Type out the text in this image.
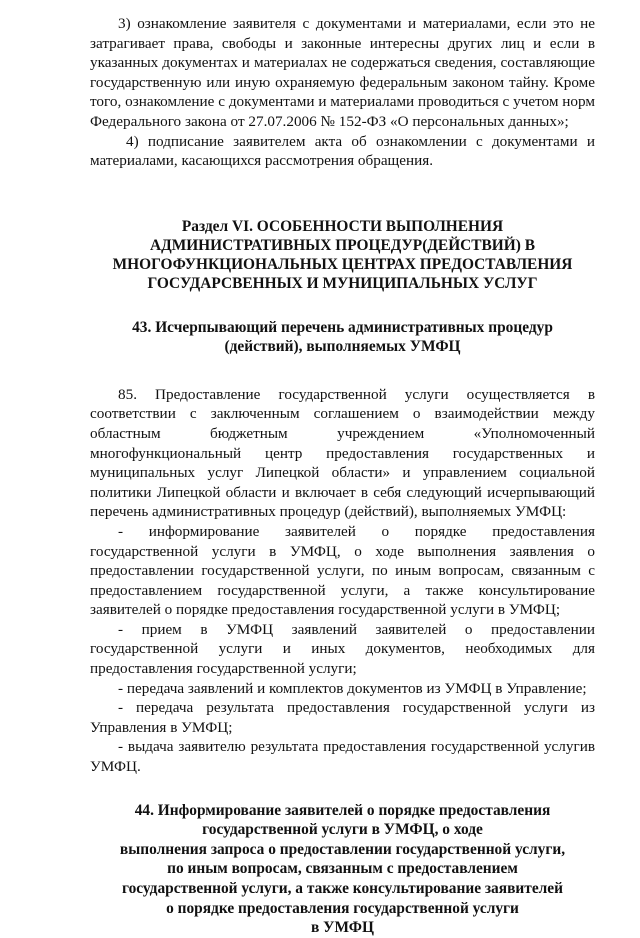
3) ознакомление заявителя с документами и материалами, если это не затрагивает права, свободы и законные интересны других лиц и если в указанных документах и материалах не содержаться сведения, составляющие государственную или иную охраняемую федеральным законом тайну. Кроме того, ознакомление с документами и материалами проводиться с учетом норм Федерального закона от 27.07.2006 № 152-ФЗ «О персональных данных»;

4) подписание заявителем акта об ознакомлении с документами и материалами, касающихся рассмотрения обращения.

Раздел VI. ОСОБЕННОСТИ ВЫПОЛНЕНИЯ
АДМИНИСТРАТИВНЫХ ПРОЦЕДУР(ДЕЙСТВИЙ) В
МНОГОФУНКЦИОНАЛЬНЫХ ЦЕНТРАХ ПРЕДОСТАВЛЕНИЯ
ГОСУДАРСВЕННЫХ И МУНИЦИПАЛЬНЫХ УСЛУГ
43. Исчерпывающий перечень административных процедур
(действий), выполняемых УМФЦ

85. Предоставление государственной услуги осуществляется в соответствии с заключенным соглашением о взаимодействии между областным бюджетным учреждением «Уполномоченный многофункциональный центр предоставления государственных и муниципальных услуг Липецкой области» и управлением социальной политики Липецкой области и включает в себя следующий исчерпывающий перечень административных процедур (действий), выполняемых УМФЦ:

- информирование заявителей о порядке предоставления государственной услуги в УМФЦ, о ходе выполнения заявления о предоставлении государственной услуги, по иным вопросам, связанным с предоставлением государственной услуги, а также консультирование заявителей о порядке предоставления государственной услуги в УМФЦ;

- прием в УМФЦ заявлений заявителей о предоставлении государственной услуги и иных документов, необходимых для предоставления государственной услуги;

- передача заявлений и комплектов документов из УМФЦ в Управление;

- передача результата предоставления государственной услуги из Управления в УМФЦ;

- выдача заявителю результата предоставления государственной услугив УМФЦ.

44. Информирование заявителей о порядке предоставления
государственной услуги в УМФЦ, о ходе
выполнения запроса о предоставлении государственной услуги,
по иным вопросам, связанным с предоставлением
государственной услуги, а также консультирование заявителей
о порядке предоставления государственной услуги
в УМФЦ
